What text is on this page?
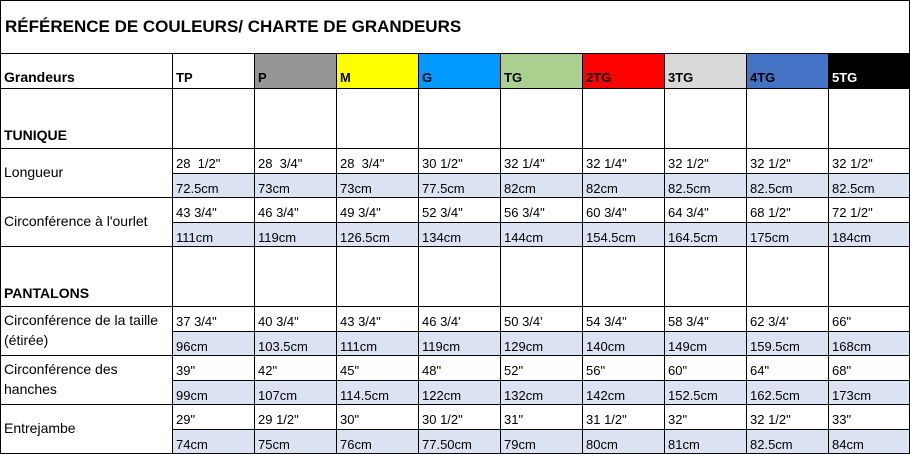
RÉFÉRENCE DE COULEURS/ CHARTE DE GRANDEURS									
Grandeurs	TP	P	M	G	TG	2TG	3TG	4TG	5TG
TUNIQUE									
Longueur	28  1/2"	28  3/4"	28  3/4"	30 1/2"	32 1/4"	32 1/4"	32 1/2"	32 1/2"	32 1/2"
	72.5cm	73cm	73cm	77.5cm	82cm	82cm	82.5cm	82.5cm	82.5cm
Circonférence à l'ourlet	43 3/4"	46 3/4"	49 3/4"	52 3/4"	56 3/4"	60 3/4"	64 3/4"	68 1/2"	72 1/2"
	111cm	119cm	126.5cm	134cm	144cm	154.5cm	164.5cm	175cm	184cm
PANTALONS									
Circonférence de la taille (étirée)	37 3/4"	40 3/4"	43 3/4"	46 3/4'	50 3/4'	54 3/4"	58 3/4"	62 3/4'	66"
	96cm	103.5cm	111cm	119cm	129cm	140cm	149cm	159.5cm	168cm
Circonférence des hanches	39"	42"	45"	48"	52"	56"	60"	64"	68"
	99cm	107cm	114.5cm	122cm	132cm	142cm	152.5cm	162.5cm	173cm
Entrejambe	29"	29 1/2"	30"	30 1/2"	31"	31 1/2"	32"	32 1/2"	33"
	74cm	75cm	76cm	77.50cm	79cm	80cm	81cm	82.5cm	84cm
